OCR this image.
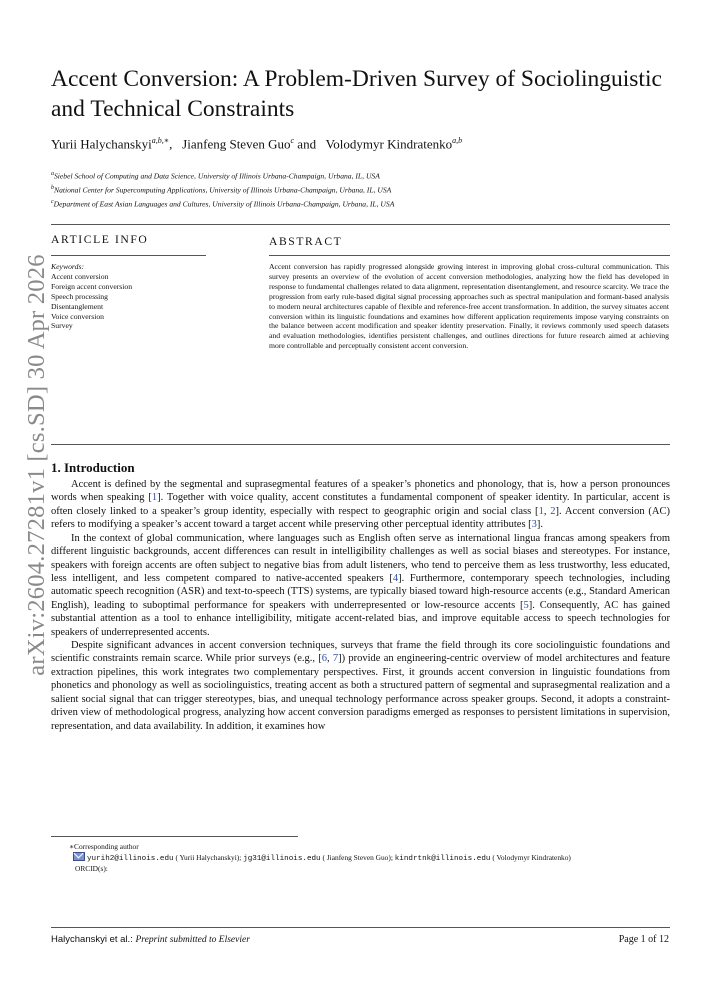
arXiv:2604.27281v1 [cs.SD] 30 Apr 2026
Accent Conversion: A Problem-Driven Survey of Sociolinguistic and Technical Constraints
Yurii Halychanskyi$^{a,b,∗}$,   Jianfeng Steven Guo$^c$ and   Volodymyr Kindratenko$^{a,b}$
$^a$Siebel School of Computing and Data Science, University of Illinois Urbana-Champaign, Urbana, IL, USA
$^b$National Center for Supercomputing Applications, University of Illinois Urbana-Champaign, Urbana, IL, USA
$^c$Department of East Asian Languages and Cultures, University of Illinois Urbana-Champaign, Urbana, IL, USA
ARTICLE INFO	ABSTRACT
Keywords:
Accent conversion
Foreign accent conversion
Speech processing
Disentanglement
Voice conversion
Survey
Accent conversion has rapidly progressed alongside growing interest in improving global cross-cultural communication. This survey presents an overview of the evolution of accent conversion methodologies, analyzing how the field has developed in response to fundamental challenges related to data alignment, representation disentanglement, and resource scarcity. We trace the progression from early rule-based digital signal processing approaches such as spectral manipulation and formant-based analysis to modern neural architectures capable of flexible and reference-free accent transformation. In addition, the survey situates accent conversion within its linguistic foundations and examines how different application requirements impose varying constraints on the balance between accent modification and speaker identity preservation. Finally, it reviews commonly used speech datasets and evaluation methodologies, identifies persistent challenges, and outlines directions for future research aimed at achieving more controllable and perceptually consistent accent conversion.
1. Introduction

Accent is defined by the segmental and suprasegmental features of a speaker’s phonetics and phonology, that is, how a person pronounces words when speaking [1]. Together with voice quality, accent constitutes a fundamental component of speaker identity. In particular, accent is often closely linked to a speaker’s group identity, especially with respect to geographic origin and social class [1, 2]. Accent conversion (AC) refers to modifying a speaker’s accent toward a target accent while preserving other perceptual identity attributes [3].

In the context of global communication, where languages such as English often serve as international lingua francas among speakers from different linguistic backgrounds, accent differences can result in intelligibility challenges as well as social biases and stereotypes. For instance, speakers with foreign accents are often subject to negative bias from adult listeners, who tend to perceive them as less trustworthy, less educated, less intelligent, and less competent compared to native-accented speakers [4]. Furthermore, contemporary speech technologies, including automatic speech recognition (ASR) and text-to-speech (TTS) systems, are typically biased toward high-resource accents (e.g., Standard American English), leading to suboptimal performance for speakers with underrepresented or low-resource accents [5]. Consequently, AC has gained substantial attention as a tool to enhance intelligibility, mitigate accent-related bias, and improve equitable access to speech technologies for speakers of underrepresented accents.

Despite significant advances in accent conversion techniques, surveys that frame the field through its core sociolinguistic foundations and scientific constraints remain scarce. While prior surveys (e.g., [6, 7]) provide an engineering-centric overview of model architectures and feature extraction pipelines, this work integrates two complementary perspectives. First, it grounds accent conversion in linguistic foundations from phonetics and phonology as well as sociolinguistics, treating accent as both a structured pattern of segmental and suprasegmental realization and a salient social signal that can trigger stereotypes, bias, and unequal technology performance across speaker groups. Second, it adopts a constraint-driven view of methodological progress, analyzing how accent conversion paradigms emerged as responses to persistent limitations in supervision, representation, and data availability. In addition, it examines how

∗Corresponding author
yurih2@illinois.edu ( Yurii Halychanskyi); jg31@illinois.edu ( Jianfeng Steven Guo); kindrtnk@illinois.edu ( Volodymyr Kindratenko)
ORCID(s):
Halychanskyi et al.: Preprint submitted to Elsevier	Page 1 of 12
